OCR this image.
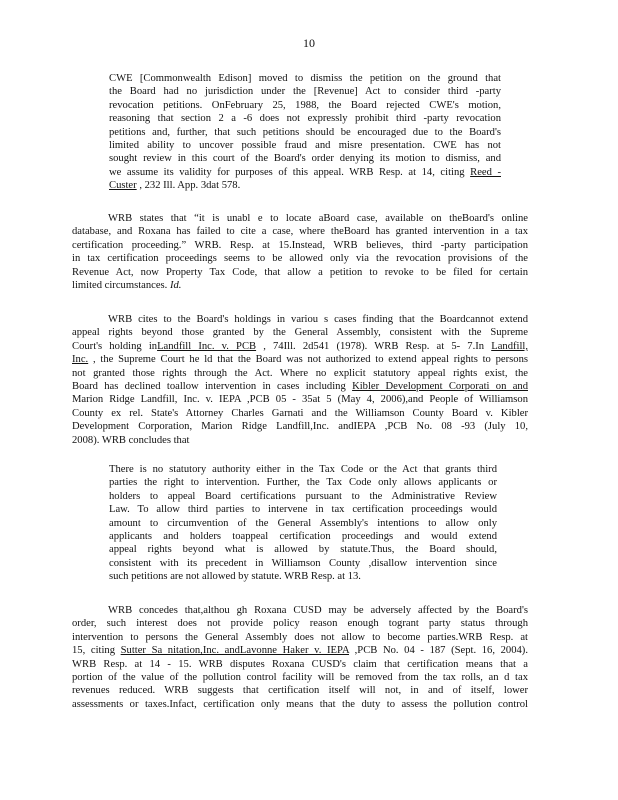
10
CWE [Commonwealth Edison] moved to dismiss the petition on the ground that
the Board had no jurisdiction under the [Revenue] Act to consider third -party
revocation petitions. OnFebruary 25, 1988, the Board rejected CWE's motion,
reasoning that section 2 a -6 does not expressly prohibit third -party revocation
petitions and, further, that such petitions should be encouraged due to the Board's
limited ability to uncover possible fraud and misre presentation. CWE has not
sought review in this court of the Board's order denying its motion to dismiss, and
we assume its validity for purposes of this appeal. WRB Resp. at 14, citing Reed -
Custer , 232 Ill. App. 3dat 578.
WRB states that “it is unabl e to locate aBoard case, available on theBoard's online
database, and Roxana has failed to cite a case, where theBoard has granted intervention in a tax
certification proceeding.” WRB. Resp. at 15.Instead, WRB believes, third -party participation
in tax certification proceedings seems to be allowed only via the revocation provisions of the
Revenue Act, now Property Tax Code, that allow a petition to revoke to be filed for certain
limited circumstances. Id.
WRB cites to the Board's holdings in variou s cases finding that the Boardcannot extend
appeal rights beyond those granted by the General Assembly, consistent with the Supreme
Court's holding inLandfill Inc. v. PCB , 74Ill. 2d541 (1978). WRB Resp. at 5- 7.In Landfill,
Inc. , the Supreme Court he ld that the Board was not authorized to extend appeal rights to persons
not granted those rights through the Act. Where no explicit statutory appeal rights exist, the
Board has declined toallow intervention in cases including Kibler Development Corporati on and
Marion Ridge Landfill, Inc. v. IEPA ,PCB 05 - 35at 5 (May 4, 2006),and People of Williamson
County ex rel. State's Attorney Charles Garnati and the Williamson County Board v. Kibler
Development Corporation, Marion Ridge Landfill,Inc. andIEPA ,PCB No. 08 -93 (July 10,
2008). WRB concludes that
There is no statutory authority either in the Tax Code or the Act that grants third
parties the right to intervention. Further, the Tax Code only allows applicants or
holders to appeal Board certifications pursuant to the Administrative Review
Law. To allow third parties to intervene in tax certification proceedings would
amount to circumvention of the General Assembly's intentions to allow only
applicants and holders toappeal certification proceedings and would extend
appeal rights beyond what is allowed by statute.Thus, the Board should,
consistent with its precedent in Williamson County ,disallow intervention since
such petitions are not allowed by statute. WRB Resp. at 13.
WRB concedes that,althou gh Roxana CUSD may be adversely affected by the Board's
order, such interest does not provide policy reason enough togrant party status through
intervention to persons the General Assembly does not allow to become parties.WRB Resp. at
15, citing Sutter Sa nitation,Inc. andLavonne Haker v. IEPA ,PCB No. 04 - 187 (Sept. 16, 2004).
WRB Resp. at 14 - 15. WRB disputes Roxana CUSD's claim that certification means that a
portion of the value of the pollution control facility will be removed from the tax rolls, an d tax
revenues reduced. WRB suggests that certification itself will not, in and of itself, lower
assessments or taxes.Infact, certification only means that the duty to assess the pollution control
